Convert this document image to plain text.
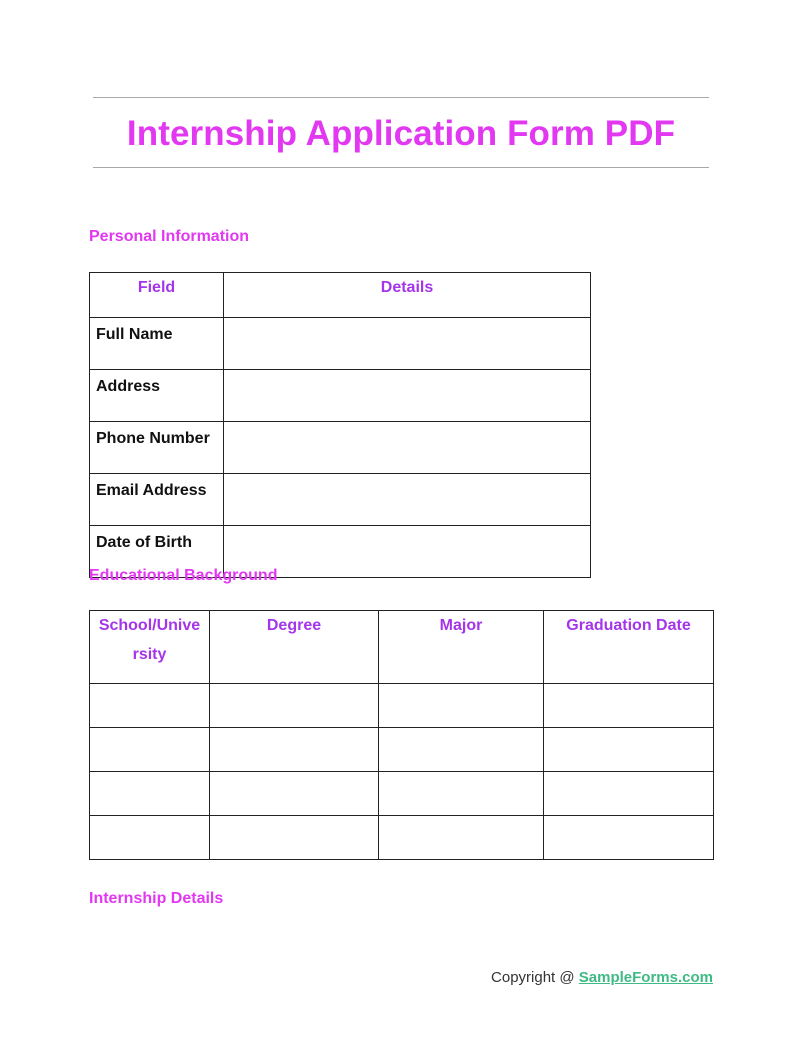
Internship Application Form PDF
Personal Information
Field	Details
Full Name	
Address	
Phone Number	
Email Address	
Date of Birth	
Educational Background
School/University	Degree	Major	Graduation Date

Internship Details
Copyright @ SampleForms.com
